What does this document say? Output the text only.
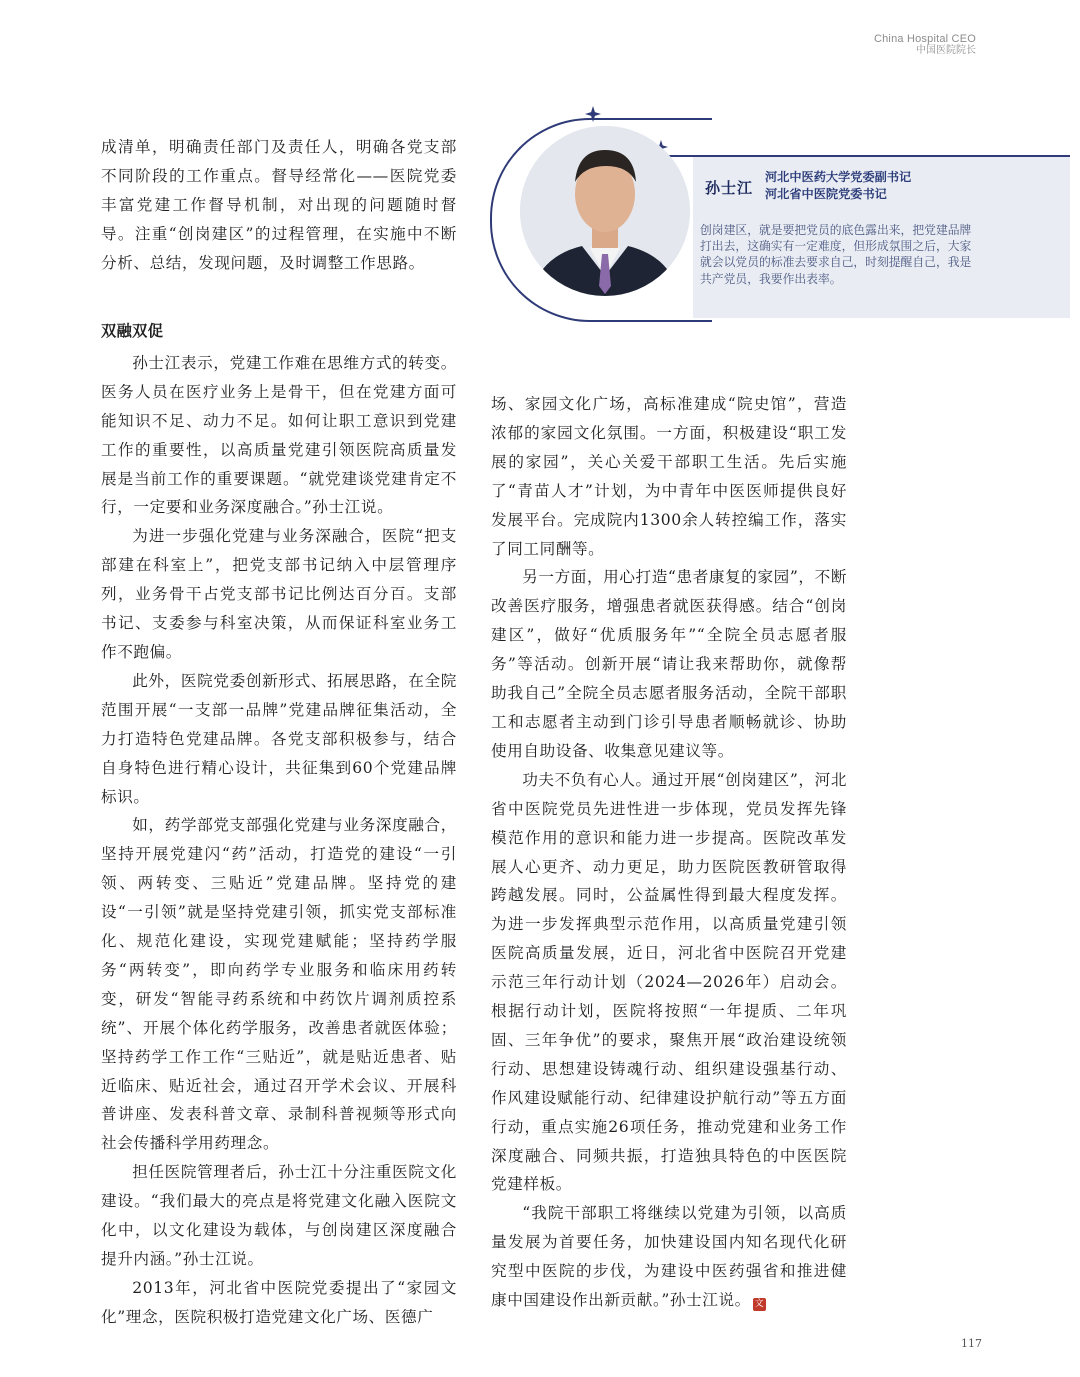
China Hospital CEO
中国医院院长
孙士江
河北中医药大学党委副书记
河北省中医院党委书记
创岗建区，就是要把党员的底色露出来，把党建品牌打出去，这确实有一定难度，但形成氛围之后，大家就会以党员的标准去要求自己，时刻提醒自己，我是共产党员，我要作出表率。

成清单，明确责任部门及责任人，明确各党支部不同阶段的工作重点。督导经常化——医院党委丰富党建工作督导机制，对出现的问题随时督导。注重“创岗建区”的过程管理，在实施中不断分析、总结，发现问题，及时调整工作思路。

双融双促

孙士江表示，党建工作难在思维方式的转变。医务人员在医疗业务上是骨干，但在党建方面可能知识不足、动力不足。如何让职工意识到党建工作的重要性，以高质量党建引领医院高质量发展是当前工作的重要课题。“就党建谈党建肯定不行，一定要和业务深度融合。”孙士江说。

为进一步强化党建与业务深融合，医院“把支部建在科室上”，把党支部书记纳入中层管理序列，业务骨干占党支部书记比例达百分百。支部书记、支委参与科室决策，从而保证科室业务工作不跑偏。

此外，医院党委创新形式、拓展思路，在全院范围开展“一支部一品牌”党建品牌征集活动，全力打造特色党建品牌。各党支部积极参与，结合自身特色进行精心设计，共征集到60个党建品牌标识。

如，药学部党支部强化党建与业务深度融合，坚持开展党建闪“药”活动，打造党的建设“一引领、两转变、三贴近”党建品牌。坚持党的建设“一引领”就是坚持党建引领，抓实党支部标准化、规范化建设，实现党建赋能；坚持药学服务“两转变”，即向药学专业服务和临床用药转变，研发“智能寻药系统和中药饮片调剂质控系统”、开展个体化药学服务，改善患者就医体验；坚持药学工作工作“三贴近”，就是贴近患者、贴近临床、贴近社会，通过召开学术会议、开展科普讲座、发表科普文章、录制科普视频等形式向社会传播科学用药理念。

担任医院管理者后，孙士江十分注重医院文化建设。“我们最大的亮点是将党建文化融入医院文化中，以文化建设为载体，与创岗建区深度融合提升内涵。”孙士江说。

2013年，河北省中医院党委提出了“家园文化”理念，医院积极打造党建文化广场、医德广

场、家园文化广场，高标准建成“院史馆”，营造浓郁的家园文化氛围。一方面，积极建设“职工发展的家园”，关心关爱干部职工生活。先后实施了“青苗人才”计划，为中青年中医医师提供良好发展平台。完成院内1300余人转控编工作，落实了同工同酬等。

另一方面，用心打造“患者康复的家园”，不断改善医疗服务，增强患者就医获得感。结合“创岗建区”，做好“优质服务年”“全院全员志愿者服务”等活动。创新开展“请让我来帮助你，就像帮助我自己”全院全员志愿者服务活动，全院干部职工和志愿者主动到门诊引导患者顺畅就诊、协助使用自助设备、收集意见建议等。

功夫不负有心人。通过开展“创岗建区”，河北省中医院党员先进性进一步体现，党员发挥先锋模范作用的意识和能力进一步提高。医院改革发展人心更齐、动力更足，助力医院医教研管取得跨越发展。同时，公益属性得到最大程度发挥。为进一步发挥典型示范作用，以高质量党建引领医院高质量发展，近日，河北省中医院召开党建示范三年行动计划（2024—2026年）启动会。根据行动计划，医院将按照“一年提质、二年巩固、三年争优”的要求，聚焦开展“政治建设统领行动、思想建设铸魂行动、组织建设强基行动、作风建设赋能行动、纪律建设护航行动”等五方面行动，重点实施26项任务，推动党建和业务工作深度融合、同频共振，打造独具特色的中医医院党建样板。

“我院干部职工将继续以党建为引领，以高质量发展为首要任务，加快建设国内知名现代化研究型中医院的步伐，为建设中医药强省和推进健康中国建设作出新贡献。”孙士江说。 文

117
